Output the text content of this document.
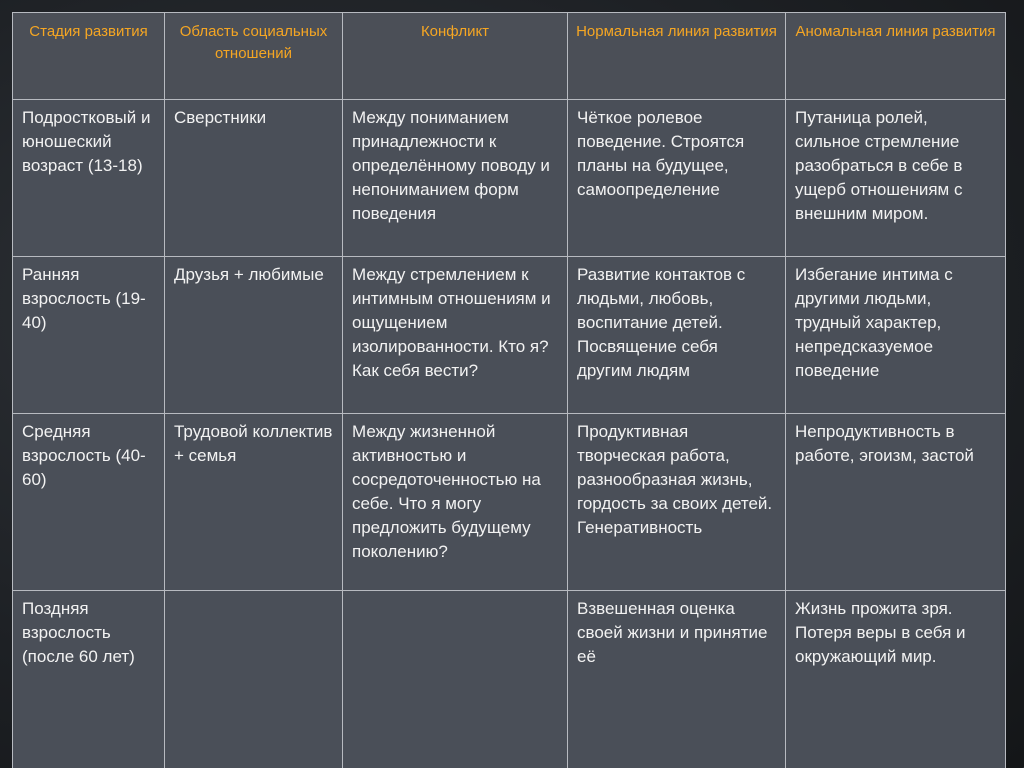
Стадия развития	Область социальных отношений	Конфликт	Нормальная линия развития	Аномальная линия развития
Подростковый и юношеский возраст (13-18)	Сверстники	Между пониманием принадлежности к определённому поводу и непониманием форм поведения	Чёткое ролевое поведение. Строятся планы на будущее, самоопределение	Путаница ролей, сильное стремление разобраться в себе в ущерб отношениям с внешним миром.
Ранняя взрослость (19-40)	Друзья + любимые	Между стремлением к интимным отношениям и ощущением изолированности. Кто я? Как себя вести?	Развитие контактов с людьми, любовь, воспитание детей. Посвящение себя другим людям	Избегание интима с другими людьми, трудный характер, непредсказуемое поведение
Средняя взрослость (40-60)	Трудовой коллектив + семья	Между жизненной активностью и сосредоточенностью на себе. Что я могу предложить будущему поколению?	Продуктивная творческая работа, разнообразная жизнь, гордость за своих детей. Генеративность	Непродуктивность в работе, эгоизм, застой
Поздняя взрослость (после 60 лет)			Взвешенная оценка своей жизни и принятие её	Жизнь прожита зря. Потеря веры в себя и окружающий мир.
